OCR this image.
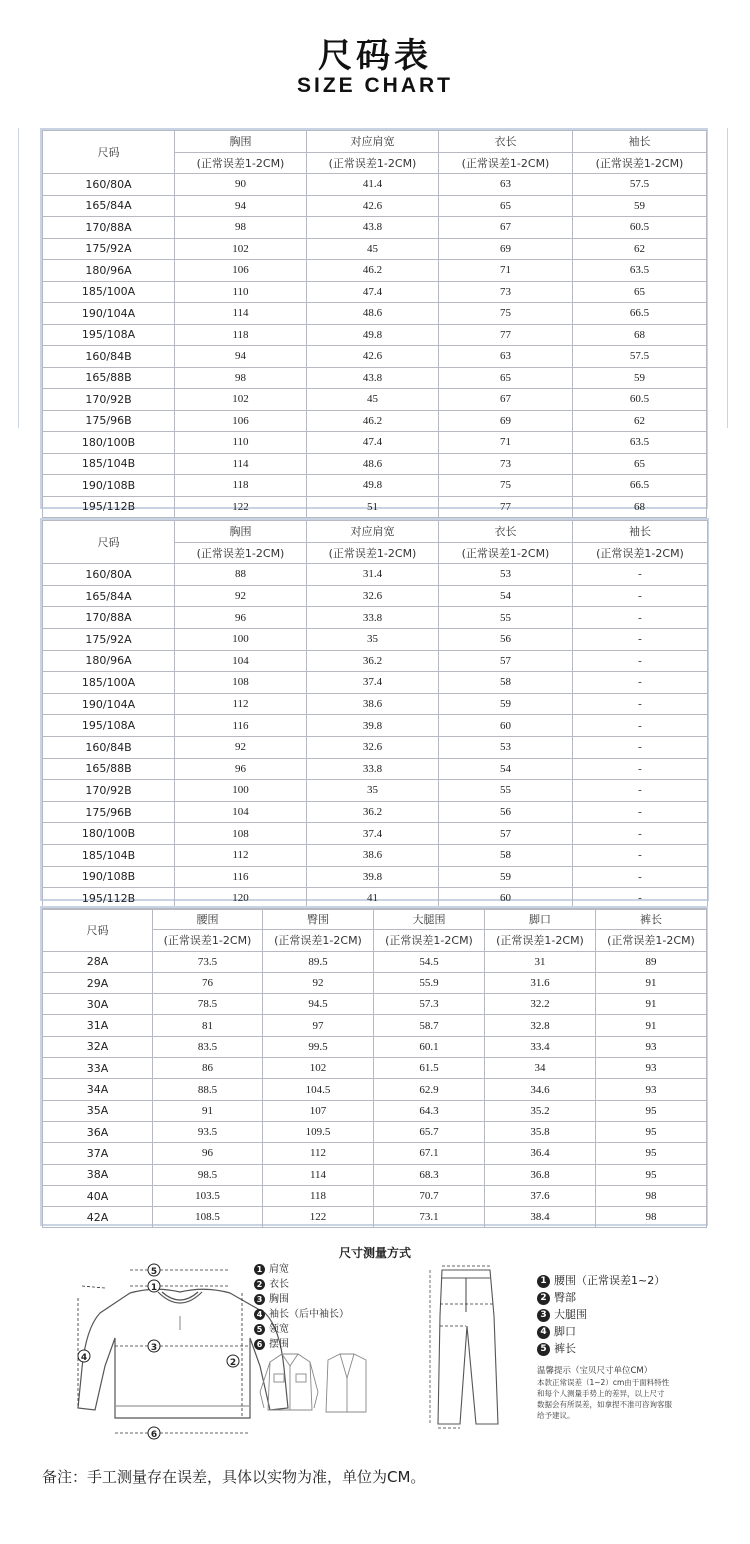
尺码表
SIZE CHART
尺码	胸围	对应肩宽	衣长	袖长
	(正常误差1-2CM)	(正常误差1-2CM)	(正常误差1-2CM)	(正常误差1-2CM)
160/80A	90	41.4	63	57.5
165/84A	94	42.6	65	59
170/88A	98	43.8	67	60.5
175/92A	102	45	69	62
180/96A	106	46.2	71	63.5
185/100A	110	47.4	73	65
190/104A	114	48.6	75	66.5
195/108A	118	49.8	77	68
160/84B	94	42.6	63	57.5
165/88B	98	43.8	65	59
170/92B	102	45	67	60.5
175/96B	106	46.2	69	62
180/100B	110	47.4	71	63.5
185/104B	114	48.6	73	65
190/108B	118	49.8	75	66.5
195/112B	122	51	77	68
尺码	胸围	对应肩宽	衣长	袖长
	(正常误差1-2CM)	(正常误差1-2CM)	(正常误差1-2CM)	(正常误差1-2CM)
160/80A	88	31.4	53	-
165/84A	92	32.6	54	-
170/88A	96	33.8	55	-
175/92A	100	35	56	-
180/96A	104	36.2	57	-
185/100A	108	37.4	58	-
190/104A	112	38.6	59	-
195/108A	116	39.8	60	-
160/84B	92	32.6	53	-
165/88B	96	33.8	54	-
170/92B	100	35	55	-
175/96B	104	36.2	56	-
180/100B	108	37.4	57	-
185/104B	112	38.6	58	-
190/108B	116	39.8	59	-
195/112B	120	41	60	-
尺码	腰围	臀围	大腿围	脚口	裤长
	(正常误差1-2CM)	(正常误差1-2CM)	(正常误差1-2CM)	(正常误差1-2CM)	(正常误差1-2CM)
28A	73.5	89.5	54.5	31	89
29A	76	92	55.9	31.6	91
30A	78.5	94.5	57.3	32.2	91
31A	81	97	58.7	32.8	91
32A	83.5	99.5	60.1	33.4	93
33A	86	102	61.5	34	93
34A	88.5	104.5	62.9	34.6	93
35A	91	107	64.3	35.2	95
36A	93.5	109.5	65.7	35.8	95
37A	96	112	67.1	36.4	95
38A	98.5	114	68.3	36.8	95
40A	103.5	118	70.7	37.6	98
42A	108.5	122	73.1	38.4	98
尺寸测量方式
5
1
3
4	2
6
1 肩宽
2 衣长
3 胸围
4 袖长（后中袖长）
5 领宽
6 摆围
1 腰围（正常误差1~2）
2 臀部
3 大腿围
4 脚口
5 裤长
温馨提示（宝贝尺寸单位CM）
本款正常误差（1~2）cm由于面料特性
和每个人测量手势上的差异，以上尺寸
数据会有所误差，如拿捏不准可咨询客服
给予建议。
备注：手工测量存在误差，具体以实物为准，单位为CM。
